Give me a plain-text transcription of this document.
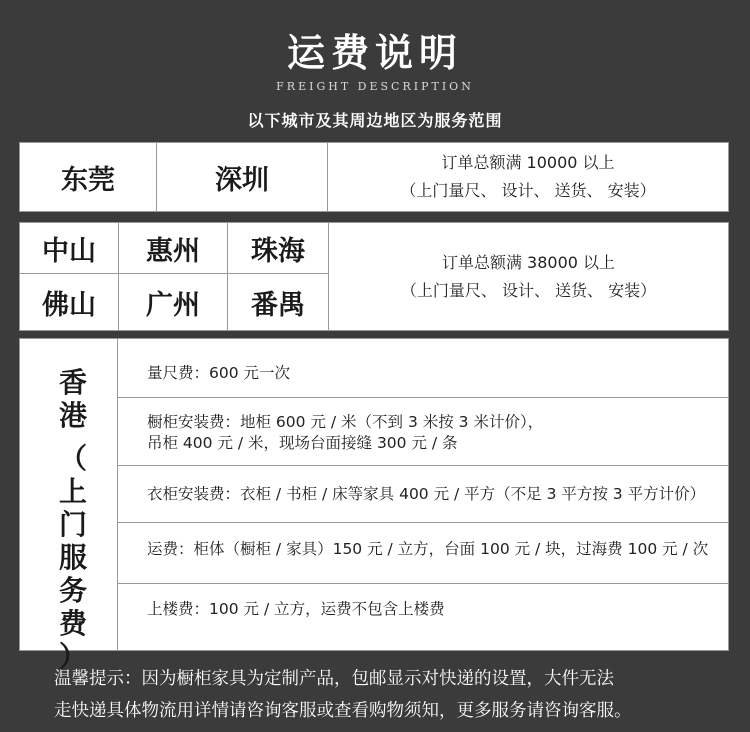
运费说明
FREIGHT DESCRIPTION
以下城市及其周边地区为服务范围
东莞	深圳
订单总额满 10000 以上
（上门量尺、 设计、 送货、 安装）
中山	惠州	珠海
佛山	广州	番禺
订单总额满 38000 以上
（上门量尺、 设计、 送货、 安装）
香
港
（
上
门
服
务
费
）
量尺费：600 元一次
橱柜安装费：地柜 600 元 / 米（不到 3 米按 3 米计价），
吊柜 400 元 / 米，现场台面接缝 300 元 / 条
衣柜安装费：衣柜 / 书柜 / 床等家具 400 元 / 平方（不足 3 平方按 3 平方计价）
运费：柜体（橱柜 / 家具）150 元 / 立方，台面 100 元 / 块，过海费 100 元 / 次
上楼费：100 元 / 立方，运费不包含上楼费
温馨提示：因为橱柜家具为定制产品，包邮显示对快递的设置，大件无法
走快递具体物流用详情请咨询客服或查看购物须知，更多服务请咨询客服。
